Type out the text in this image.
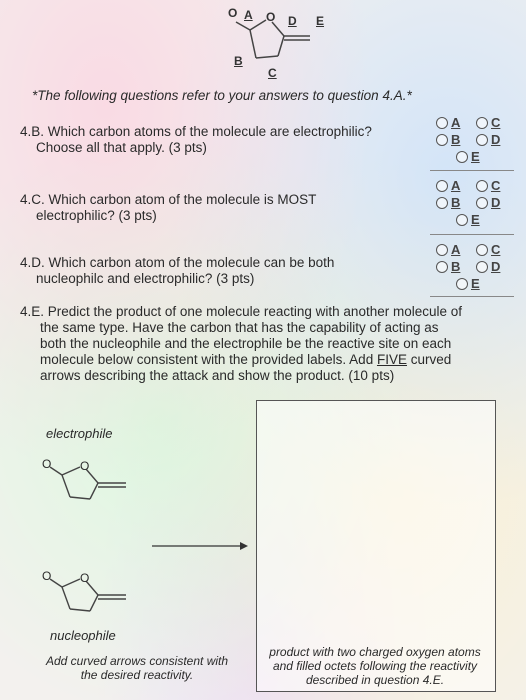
O A O D E
B
C
*The following questions refer to your answers to question 4.A.*
4.B. Which carbon atoms of the molecule are electrophilic?
Choose all that apply. (3 pts)
A C
B D
E
4.C. Which carbon atom of the molecule is MOST
electrophilic? (3 pts)
A C
B D
E
4.D. Which carbon atom of the molecule can be both
nucleophilc and electrophilic? (3 pts)
A C
B D
E
4.E. Predict the product of one molecule reacting with another molecule of
the same type. Have the carbon that has the capability of acting as
both the nucleophile and the electrophile be the reactive site on each
molecule below consistent with the provided labels. Add FIVE curved
arrows describing the attack and show the product. (10 pts)
electrophile
O O
O O
nucleophile
Add curved arrows consistent with
the desired reactivity.
product with two charged oxygen atoms
and filled octets following the reactivity
described in question 4.E.
